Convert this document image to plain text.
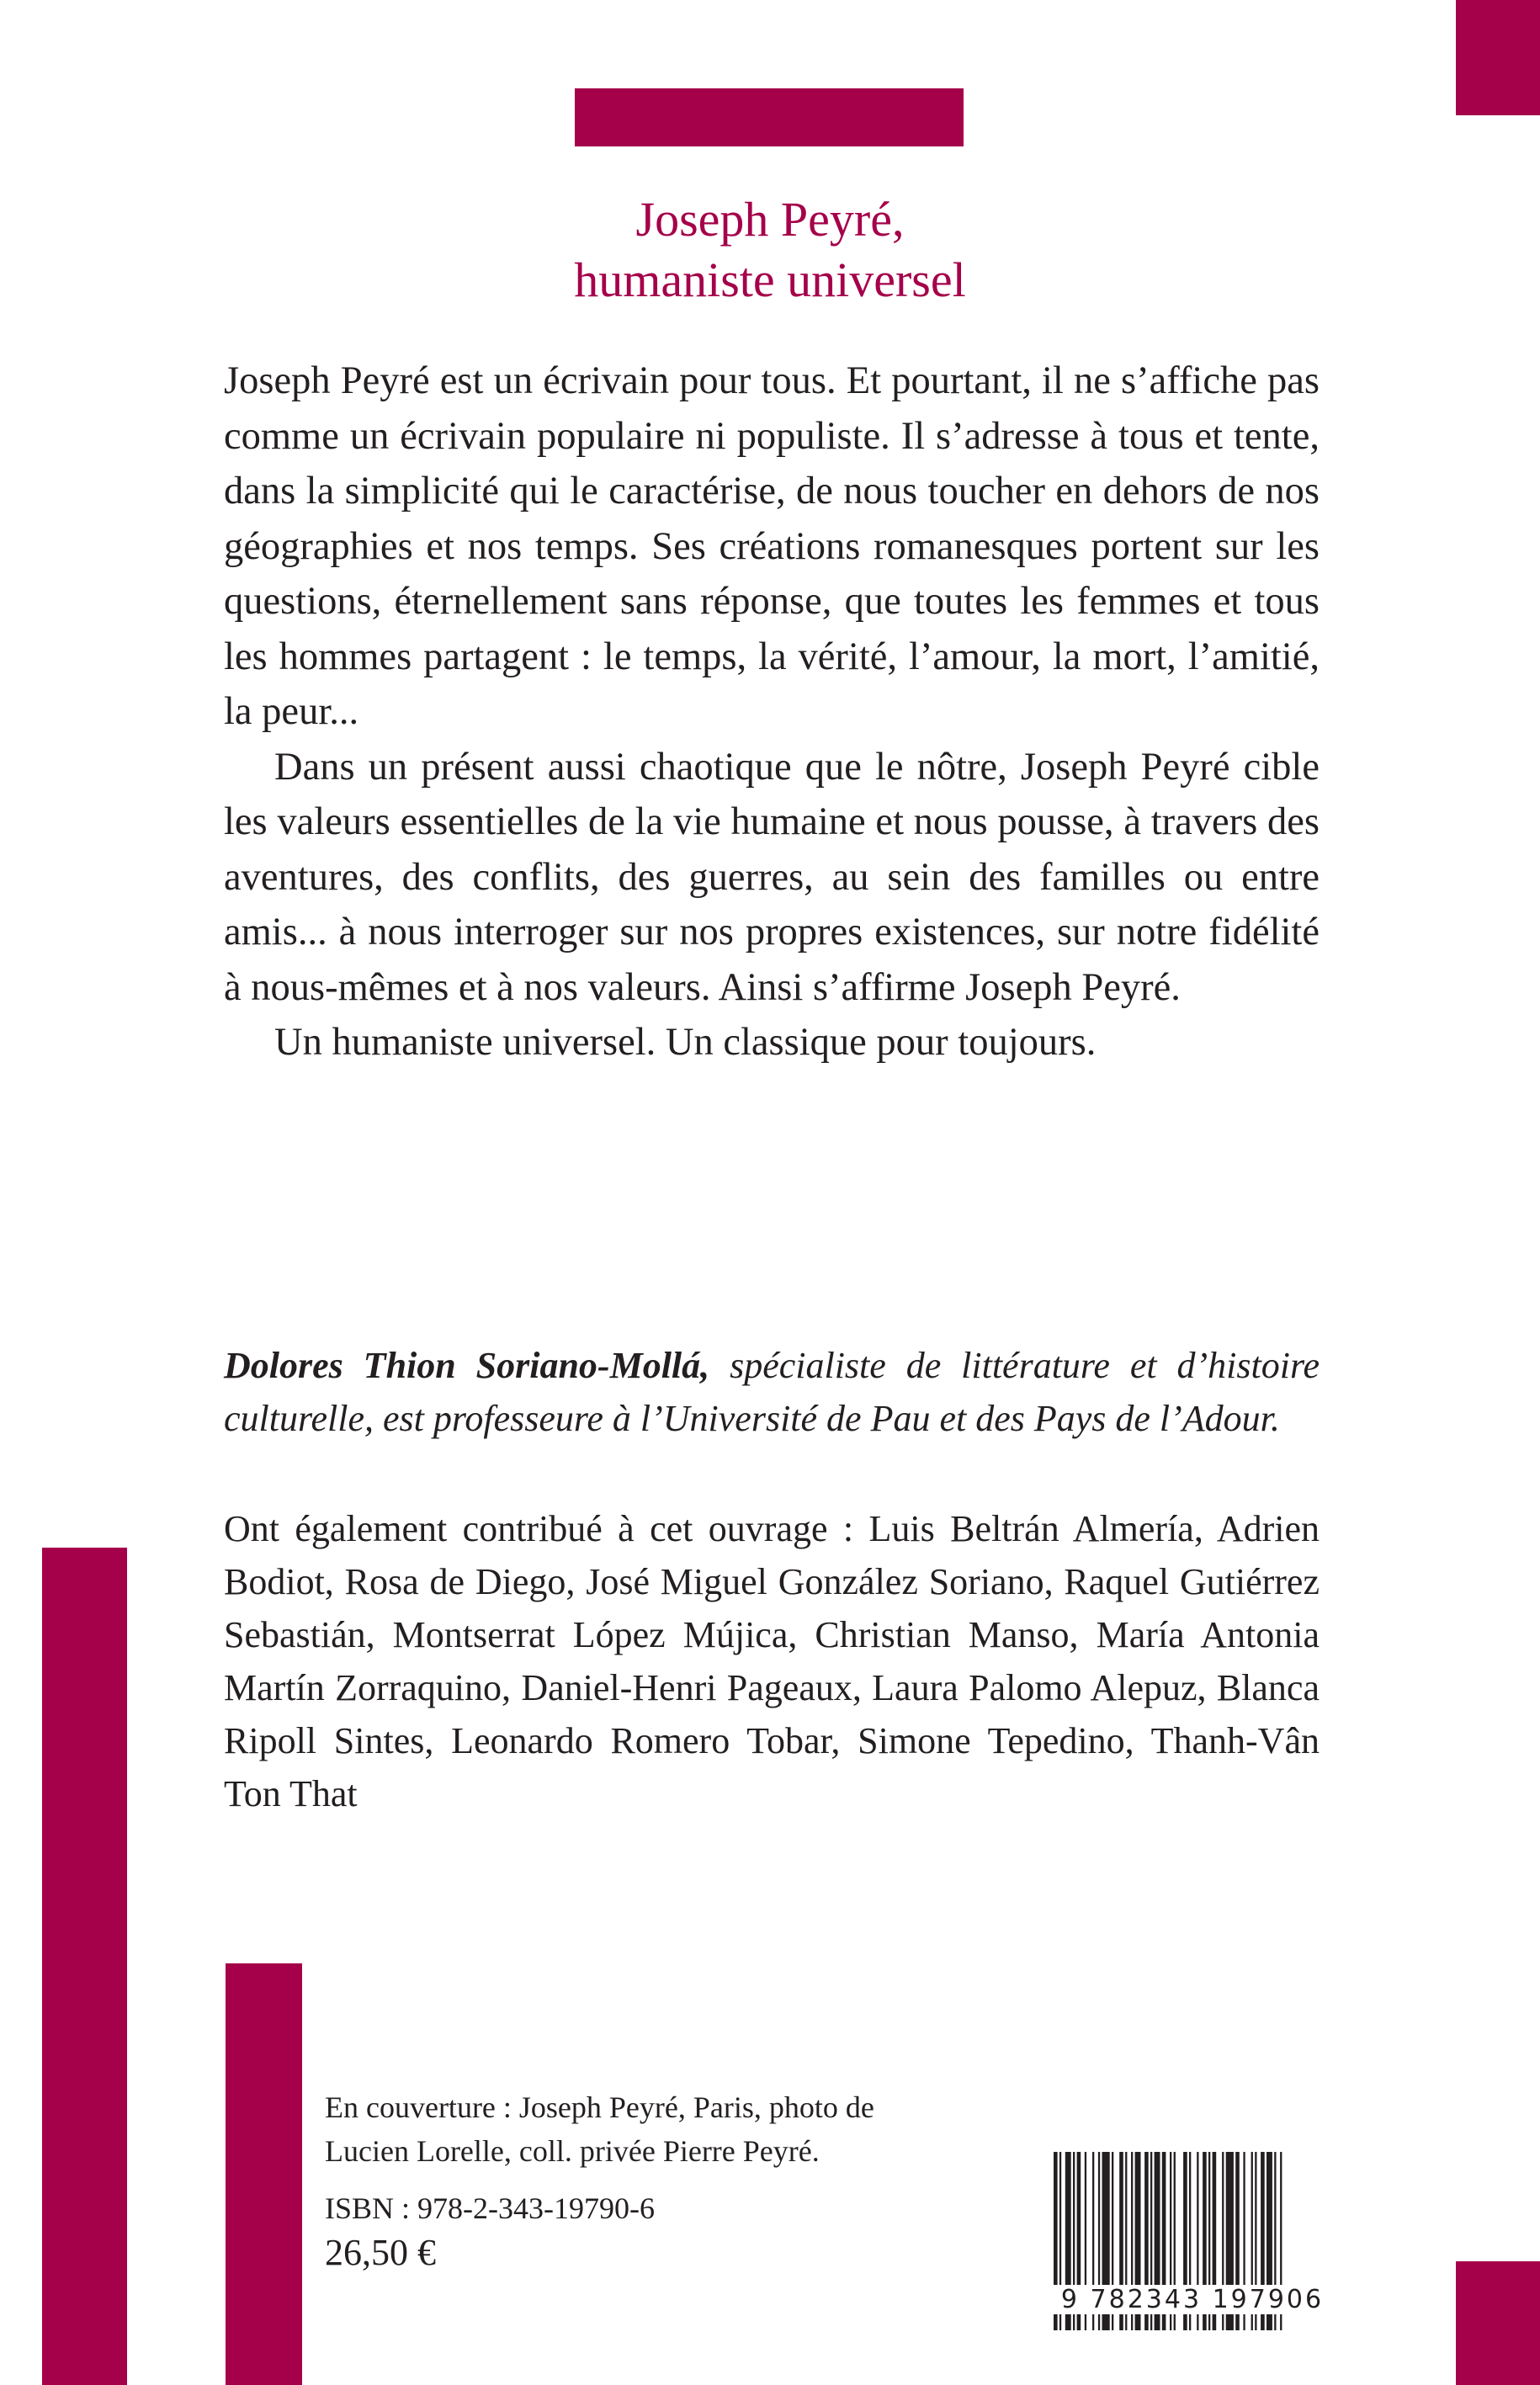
Joseph Peyré,
humaniste universel

Joseph Peyré est un écrivain pour tous. Et pourtant, il ne s’affiche pas comme un écrivain populaire ni populiste. Il s’adresse à tous et tente, dans la simplicité qui le caractérise, de nous toucher en dehors de nos géographies et nos temps. Ses créations romanesques portent sur les questions, éternellement sans réponse, que toutes les femmes et tous les hommes partagent : le temps, la vérité, l’amour, la mort, l’amitié, la peur...

Dans un présent aussi chaotique que le nôtre, Joseph Peyré cible les valeurs essentielles de la vie humaine et nous pousse, à travers des aventures, des conflits, des guerres, au sein des familles ou entre amis... à nous interroger sur nos propres existences, sur notre fidélité à nous-mêmes et à nos valeurs. Ainsi s’affirme Joseph Peyré.

Un humaniste universel. Un classique pour toujours.

Dolores Thion Soriano-Mollá, spécialiste de littérature et d’histoire culturelle, est professeure à l’Université de Pau et des Pays de l’Adour.
Ont également contribué à cet ouvrage : Luis Beltrán Almería, Adrien Bodiot, Rosa de Diego, José Miguel González Soriano, Raquel Gutiérrez Sebastián, Montserrat López Mújica, Christian Manso, María Antonia Martín Zorraquino, Daniel-Henri Pageaux, Laura Palomo Alepuz, Blanca Ripoll Sintes, Leonardo Romero Tobar, Simone Tepedino, Thanh-Vân Ton That
En couverture : Joseph Peyré, Paris, photo de Lucien Lorelle, coll. privée Pierre Peyré.
ISBN : 978-2-343-19790-6
26,50 €
9 782343 197906
